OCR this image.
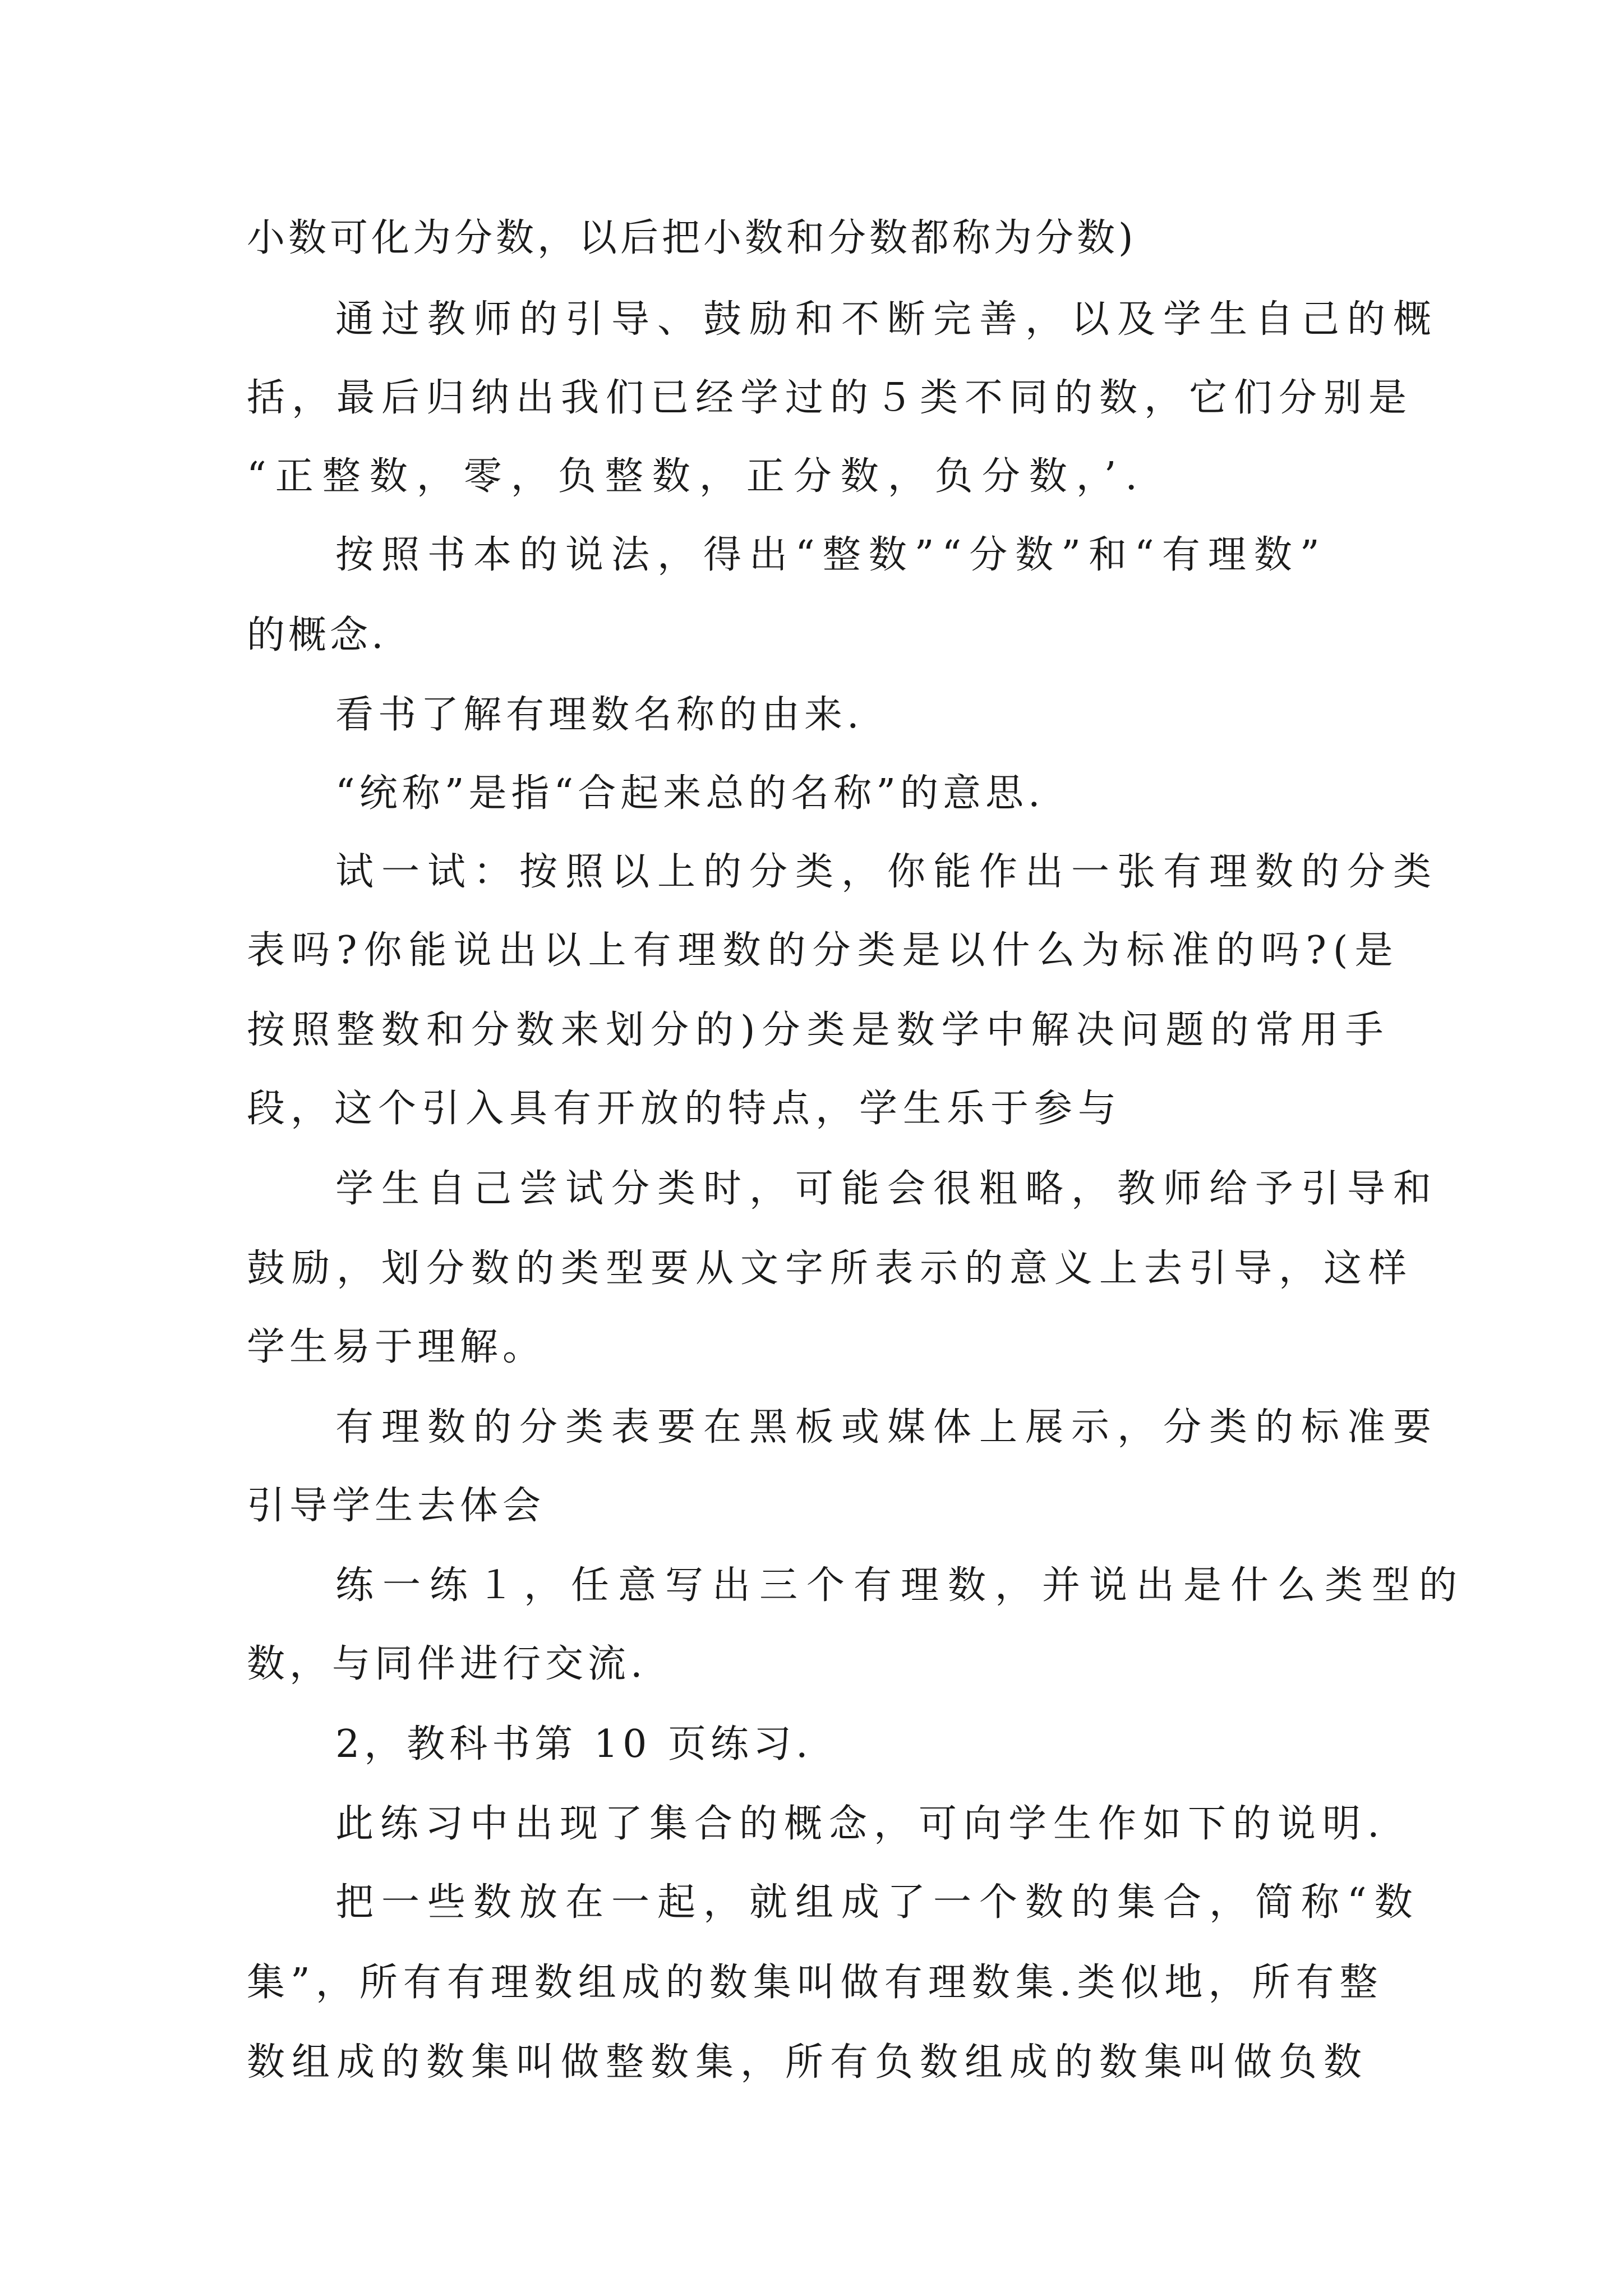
小数可化为分数，以后把小数和分数都称为分数)

通过教师的引导、鼓励和不断完善，以及学生自己的概

括，最后归纳出我们已经学过的５类不同的数，它们分别是

“正整数，零，负整数，正分数，负分数，’.

按照书本的说法，得出“整数”“分数”和“有理数”

的概念.

看书了解有理数名称的由来.

“统称”是指“合起来总的名称”的意思.

试一试：按照以上的分类，你能作出一张有理数的分类

表吗?你能说出以上有理数的分类是以什么为标准的吗?(是

按照整数和分数来划分的)分类是数学中解决问题的常用手

段，这个引入具有开放的特点，学生乐于参与

学生自己尝试分类时，可能会很粗略，教师给予引导和

鼓励，划分数的类型要从文字所表示的意义上去引导，这样

学生易于理解。

有理数的分类表要在黑板或媒体上展示，分类的标准要

引导学生去体会

练一练１，任意写出三个有理数，并说出是什么类型的

数，与同伴进行交流.

2，教科书第 10 页练习.

此练习中出现了集合的概念，可向学生作如下的说明.

把一些数放在一起，就组成了一个数的集合，简称“数

集”，所有有理数组成的数集叫做有理数集.类似地，所有整

数组成的数集叫做整数集，所有负数组成的数集叫做负数
